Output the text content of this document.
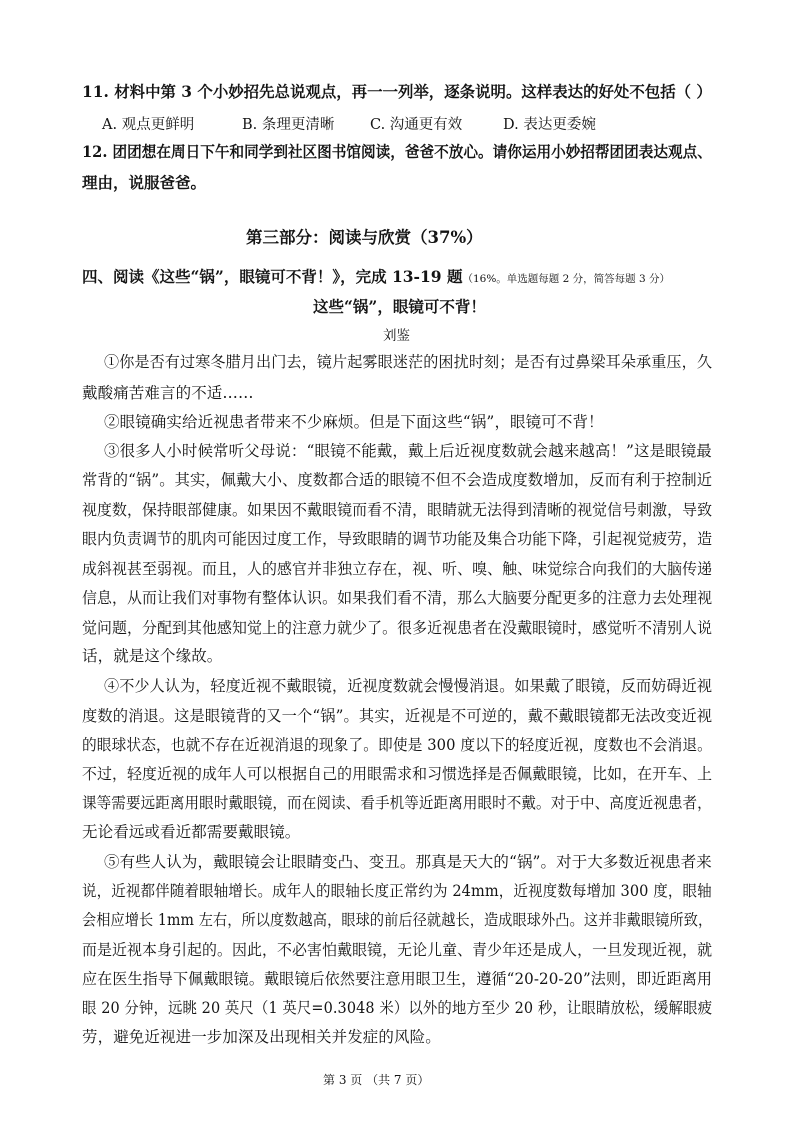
11. 材料中第 3 个小妙招先总说观点，再一一列举，逐条说明。这样表达的好处不包括（ ）

A. 观点更鲜明	B. 条理更清晰 C. 沟通更有效	D. 表达更委婉

12. 团团想在周日下午和同学到社区图书馆阅读，爸爸不放心。请你运用小妙招帮团团表达观点、

理由，说服爸爸。

第三部分：阅读与欣赏（37%）

四、阅读《这些“锅”，眼镜可不背！》，完成 13-19 题（16%。单选题每题 2 分，简答每题 3 分）

这些“锅”，眼镜可不背！

刘鉴

①你是否有过寒冬腊月出门去，镜片起雾眼迷茫的困扰时刻；是否有过鼻梁耳朵承重压，久

戴酸痛苦难言的不适……

②眼镜确实给近视患者带来不少麻烦。但是下面这些“锅”，眼镜可不背！

③很多人小时候常听父母说：“眼镜不能戴，戴上后近视度数就会越来越高！”这是眼镜最

常背的“锅”。其实，佩戴大小、度数都合适的眼镜不但不会造成度数增加，反而有利于控制近

视度数，保持眼部健康。如果因不戴眼镜而看不清，眼睛就无法得到清晰的视觉信号刺激，导致

眼内负责调节的肌肉可能因过度工作，导致眼睛的调节功能及集合功能下降，引起视觉疲劳，造

成斜视甚至弱视。而且，人的感官并非独立存在，视、听、嗅、触、味觉综合向我们的大脑传递

信息，从而让我们对事物有整体认识。如果我们看不清，那么大脑要分配更多的注意力去处理视

觉问题，分配到其他感知觉上的注意力就少了。很多近视患者在没戴眼镜时，感觉听不清别人说

话，就是这个缘故。

④不少人认为，轻度近视不戴眼镜，近视度数就会慢慢消退。如果戴了眼镜，反而妨碍近视

度数的消退。这是眼镜背的又一个“锅”。其实，近视是不可逆的，戴不戴眼镜都无法改变近视

的眼球状态，也就不存在近视消退的现象了。即使是 300 度以下的轻度近视，度数也不会消退。

不过，轻度近视的成年人可以根据自己的用眼需求和习惯选择是否佩戴眼镜，比如，在开车、上

课等需要远距离用眼时戴眼镜，而在阅读、看手机等近距离用眼时不戴。对于中、高度近视患者，

无论看远或看近都需要戴眼镜。

⑤有些人认为，戴眼镜会让眼睛变凸、变丑。那真是天大的“锅”。对于大多数近视患者来

说，近视都伴随着眼轴增长。成年人的眼轴长度正常约为 24mm，近视度数每增加 300 度，眼轴

会相应增长 1mm 左右，所以度数越高，眼球的前后径就越长，造成眼球外凸。这并非戴眼镜所致，

而是近视本身引起的。因此，不必害怕戴眼镜，无论儿童、青少年还是成人，一旦发现近视，就

应在医生指导下佩戴眼镜。戴眼镜后依然要注意用眼卫生，遵循“20-20-20”法则，即近距离用

眼 20 分钟，远眺 20 英尺（1 英尺=0.3048 米）以外的地方至少 20 秒，让眼睛放松，缓解眼疲

劳，避免近视进一步加深及出现相关并发症的风险。

第 3 页 （共 7 页）
